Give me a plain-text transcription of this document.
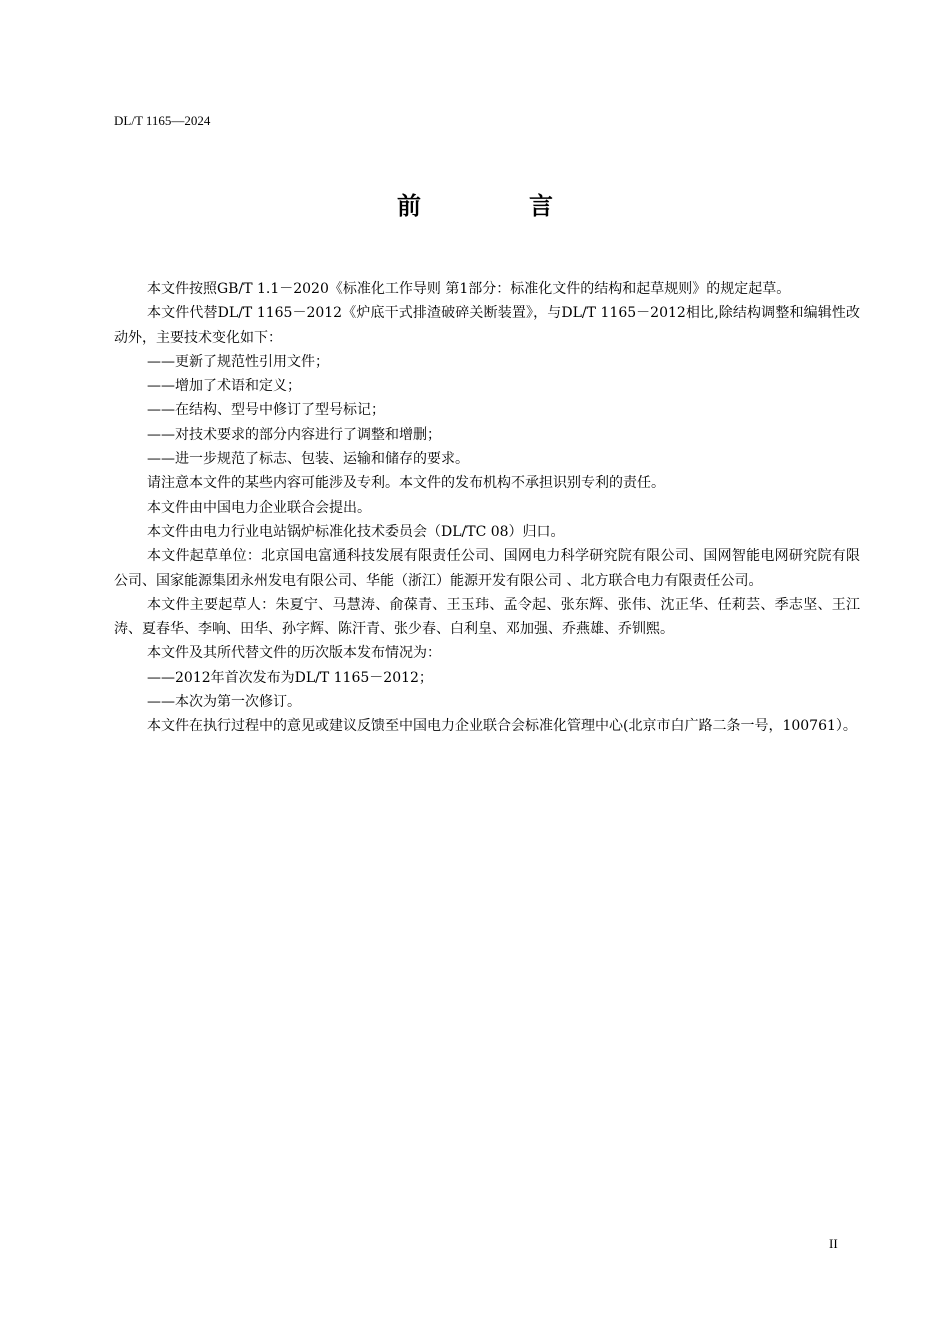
DL/T 1165—2024
前　言

本文件按照GB/T 1.1－2020《标准化工作导则 第1部分：标准化文件的结构和起草规则》的规定起草。

本文件代替DL/T 1165－2012《炉底干式排渣破碎关断装置》，与DL/T 1165－2012相比,除结构调整和编辑性改动外，主要技术变化如下：

——更新了规范性引用文件；

——增加了术语和定义；

——在结构、型号中修订了型号标记；

——对技术要求的部分内容进行了调整和增删；

——进一步规范了标志、包装、运输和储存的要求。

请注意本文件的某些内容可能涉及专利。本文件的发布机构不承担识别专利的责任。

本文件由中国电力企业联合会提出。

本文件由电力行业电站锅炉标准化技术委员会（DL/TC 08）归口。

本文件起草单位：北京国电富通科技发展有限责任公司、国网电力科学研究院有限公司、国网智能电网研究院有限公司、国家能源集团永州发电有限公司、华能（浙江）能源开发有限公司 、北方联合电力有限责任公司。

本文件主要起草人：朱夏宁、马慧涛、俞葆青、王玉玮、孟令起、张东辉、张伟、沈正华、任莉芸、季志坚、王江涛、夏春华、李响、田华、孙字辉、陈汗青、张少春、白利皇、邓加强、乔燕雄、乔钏熙。

本文件及其所代替文件的历次版本发布情况为：

——2012年首次发布为DL/T 1165－2012；

——本次为第一次修订。

本文件在执行过程中的意见或建议反馈至中国电力企业联合会标准化管理中心(北京市白广路二条一号，100761）。

II
